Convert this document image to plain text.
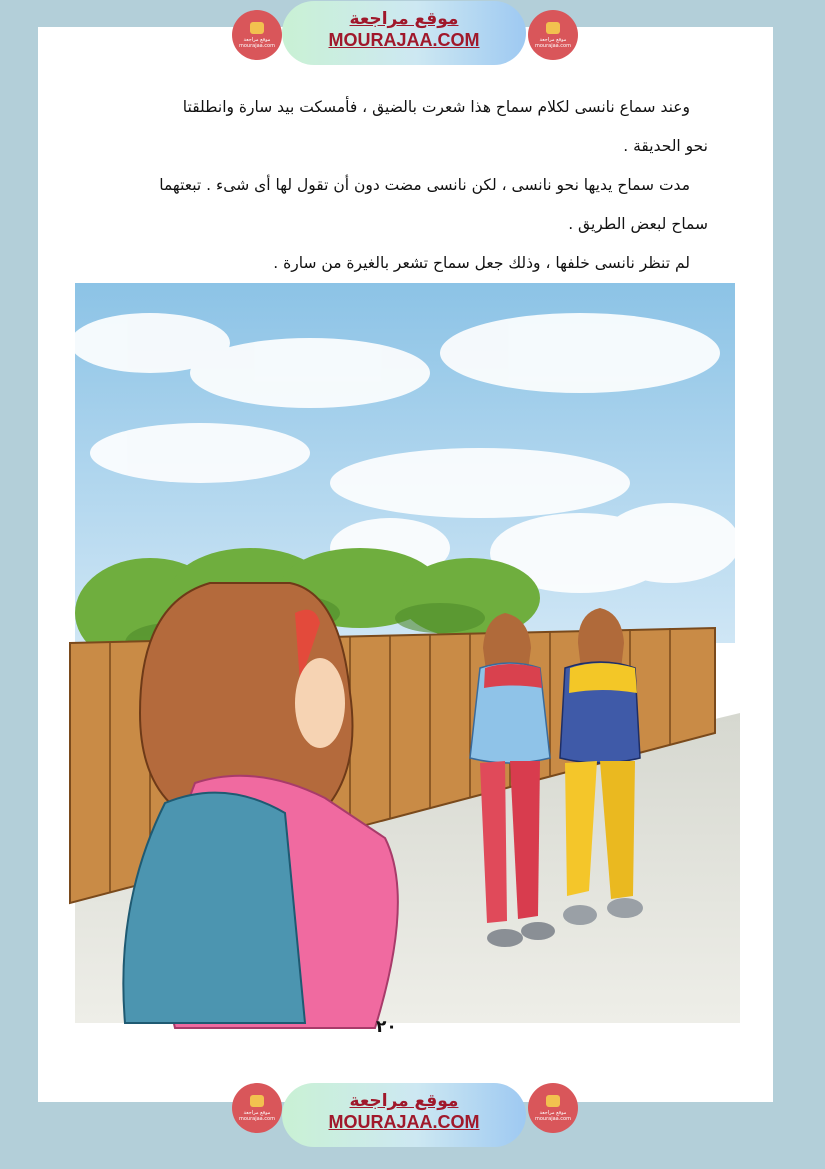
موقع مراجعة mourajaa.com
موقع مراجعة
MOURAJAA.COM	موقع مراجعة mourajaa.com

وعند سماع نانسى لكلام سماح هذا شعرت بالضيق ، فأمسكت بيد سارة وانطلقتا

نحو الحديقة .

مدت سماح يديها نحو نانسى ، لكن نانسى مضت دون أن تقول لها أى شىء . تبعتهما

سماح لبعض الطريق .

لم تنظر نانسى خلفها ، وذلك جعل سماح تشعر بالغيرة من سارة .

٢٠
موقع مراجعة mourajaa.com
موقع مراجعة
MOURAJAA.COM	موقع مراجعة mourajaa.com
